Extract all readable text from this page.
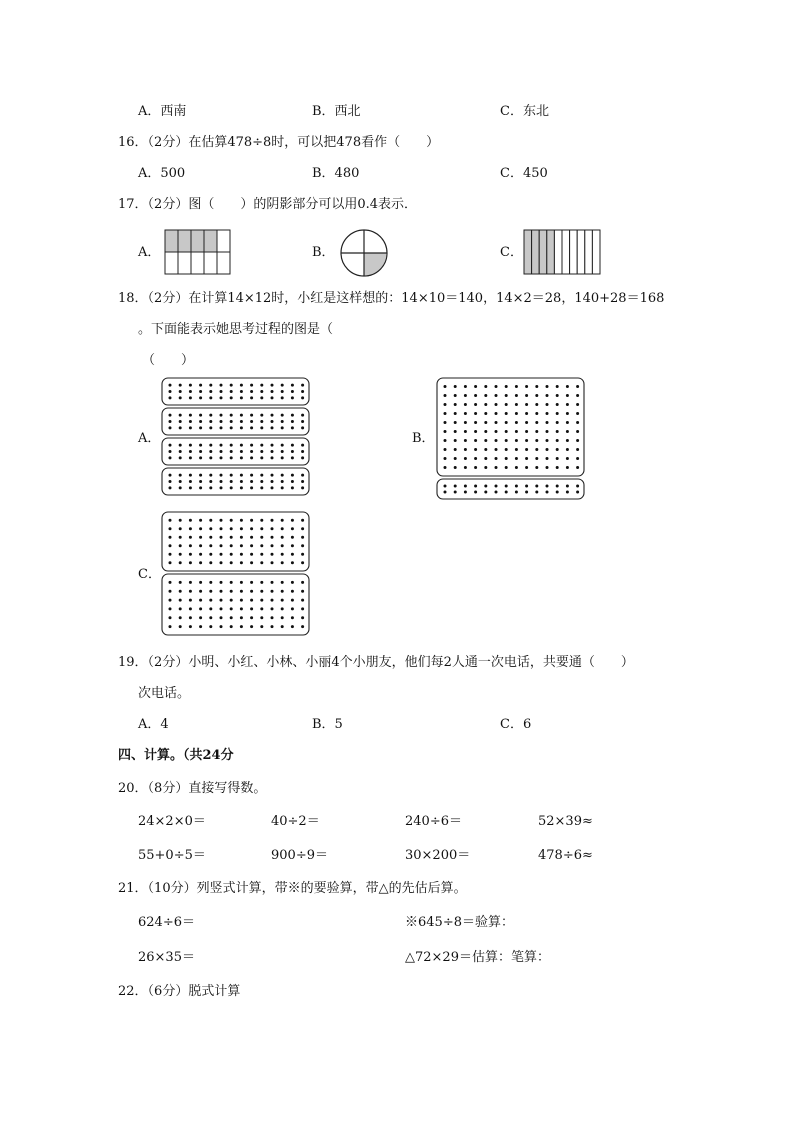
A．西南	B．西北	C．东北
16．（2分）在估算478÷8时，可以把478看作（　　）
A．500	B．480	C．450
17．（2分）图（　　）的阴影部分可以用0.4表示．
A．	B．	C．
18．（2分）在计算14×12时，小红是这样想的：14×10＝140，14×2＝28，140+28＝168
。下面能表示她思考过程的图是（
（　　）
A．	B．
C．
19．（2分）小明、小红、小林、小丽4个小朋友，他们每2人通一次电话，共要通（　　）
次电话。
A．4	B．5	C．6
四、计算。（共24分
20．（8分）直接写得数。
24×2×0＝	40÷2＝	240÷6＝	52×39≈
55+0÷5＝	900÷9＝	30×200＝	478÷6≈
21．（10分）列竖式计算，带※的要验算，带△的先估后算。
624÷6＝	※645÷8＝验算：
26×35＝	△72×29＝估算：笔算：
22．（6分）脱式计算
